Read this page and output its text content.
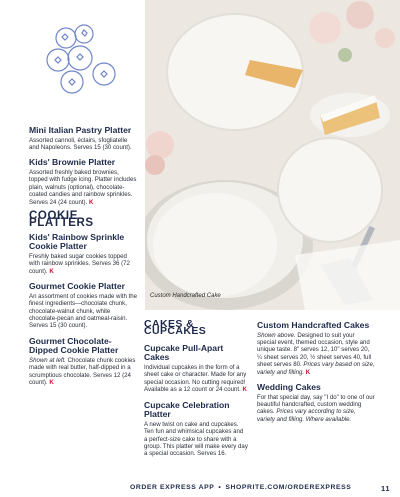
Custom Handcrafted Cake
Mini Italian Pastry Platter
Assorted cannoli, éclairs, sfogliatelle and Napoleons. Serves 15 (30 count).
Kids' Brownie Platter
Assorted freshly baked brownies, topped with fudge icing. Platter includes plain, walnuts (optional), chocolate-coated candies and rainbow sprinkles. Serves 24 (24 count). K
COOKIE PLATTERS
Kids' Rainbow Sprinkle Cookie Platter
Freshly baked sugar cookies topped with rainbow sprinkles. Serves 36 (72 count). K
Gourmet Cookie Platter
An assortment of cookies made with the finest ingredients—chocolate chunk, chocolate-walnut chunk, white chocolate-pecan and oatmeal-raisin. Serves 15 (30 count).
Gourmet Chocolate-Dipped Cookie Platter
Shown at left. Chocolate chunk cookies made with real butter, half-dipped in a scrumptious chocolate. Serves 12 (24 count). K
CAKES & CUPCAKES
Cupcake Pull-Apart Cakes
Individual cupcakes in the form of a sheet cake or character. Made for any special occasion. No cutting required! Available as a 12 count or 24 count. K
Cupcake Celebration Platter
A new twist on cake and cupcakes. Ten fun and whimsical cupcakes and a perfect-size cake to share with a group. This platter will make every day a special occasion. Serves 16.
Custom Handcrafted Cakes
Shown above. Designed to suit your special event, themed occasion, style and unique taste. 8" serves 12, 10" serves 20, ¼ sheet serves 20, ½ sheet serves 40, full sheet serves 80. Prices vary based on size, variety and filling. K
Wedding Cakes
For that special day, say "I do" to one of our beautiful handcrafted, custom wedding cakes. Prices vary according to size, variety and filling. Where available.
ORDER EXPRESS APP • SHOPRITE.COM/ORDEREXPRESS	11
